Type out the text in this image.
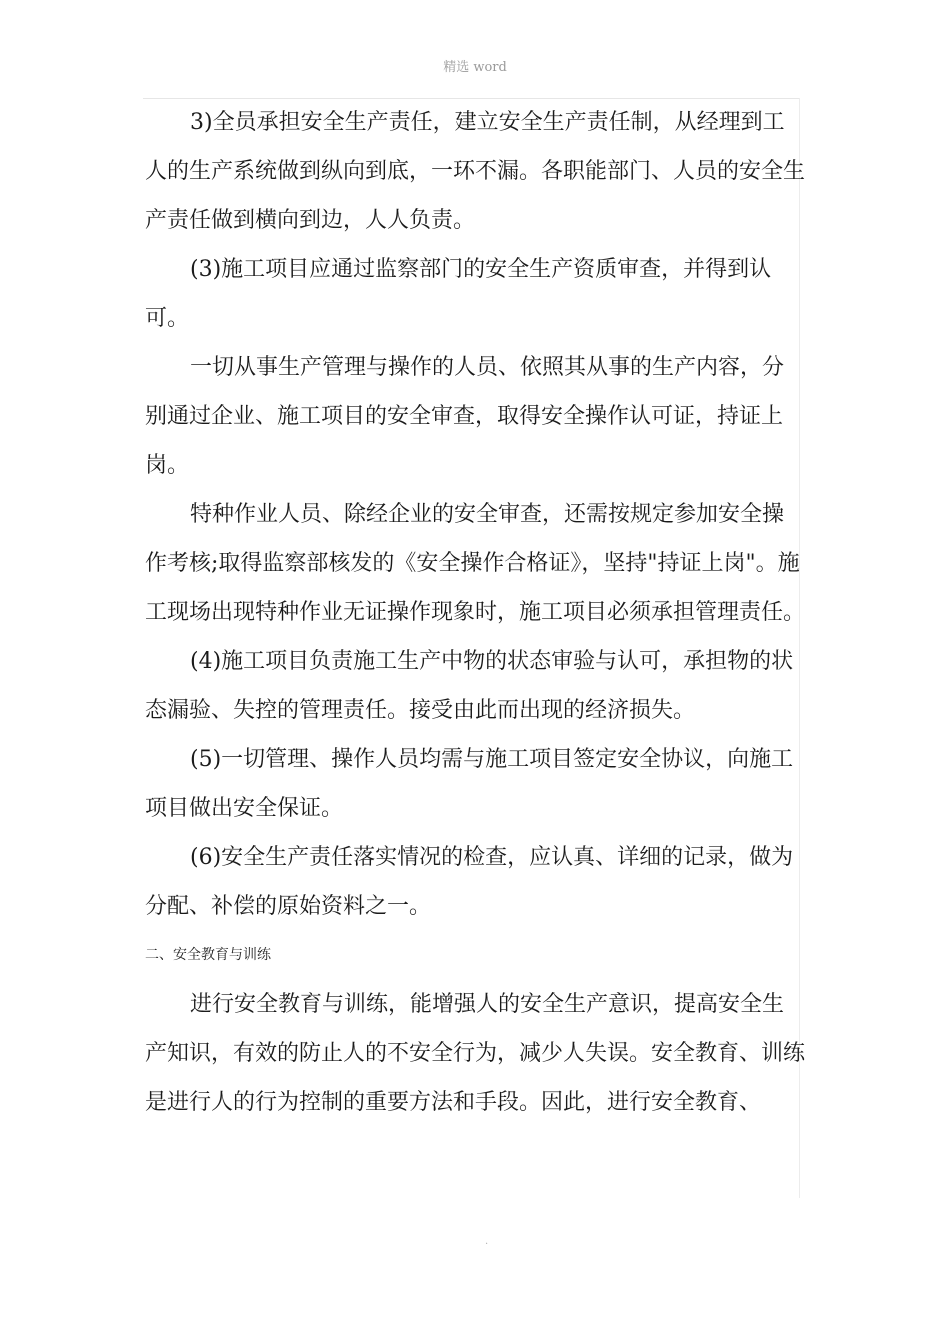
精选 word

3)全员承担安全生产责任，建立安全生产责任制，从经理到工人的生产系统做到纵向到底，一环不漏。各职能部门、人员的安全生产责任做到横向到边，人人负责。

(3)施工项目应通过监察部门的安全生产资质审查，并得到认可。

一切从事生产管理与操作的人员、依照其从事的生产内容，分别通过企业、施工项目的安全审查，取得安全操作认可证，持证上岗。

特种作业人员、除经企业的安全审查，还需按规定参加安全操作考核;取得监察部核发的《安全操作合格证》，坚持"持证上岗"。施工现场出现特种作业无证操作现象时，施工项目必须承担管理责任。

(4)施工项目负责施工生产中物的状态审验与认可，承担物的状态漏验、失控的管理责任。接受由此而出现的经济损失。

(5)一切管理、操作人员均需与施工项目签定安全协议，向施工项目做出安全保证。

(6)安全生产责任落实情况的检查，应认真、详细的记录，做为分配、补偿的原始资料之一。

二、安全教育与训练

进行安全教育与训练，能增强人的安全生产意识，提高安全生产知识，有效的防止人的不安全行为，减少人失误。安全教育、训练是进行人的行为控制的重要方法和手段。因此，进行安全教育、

.
